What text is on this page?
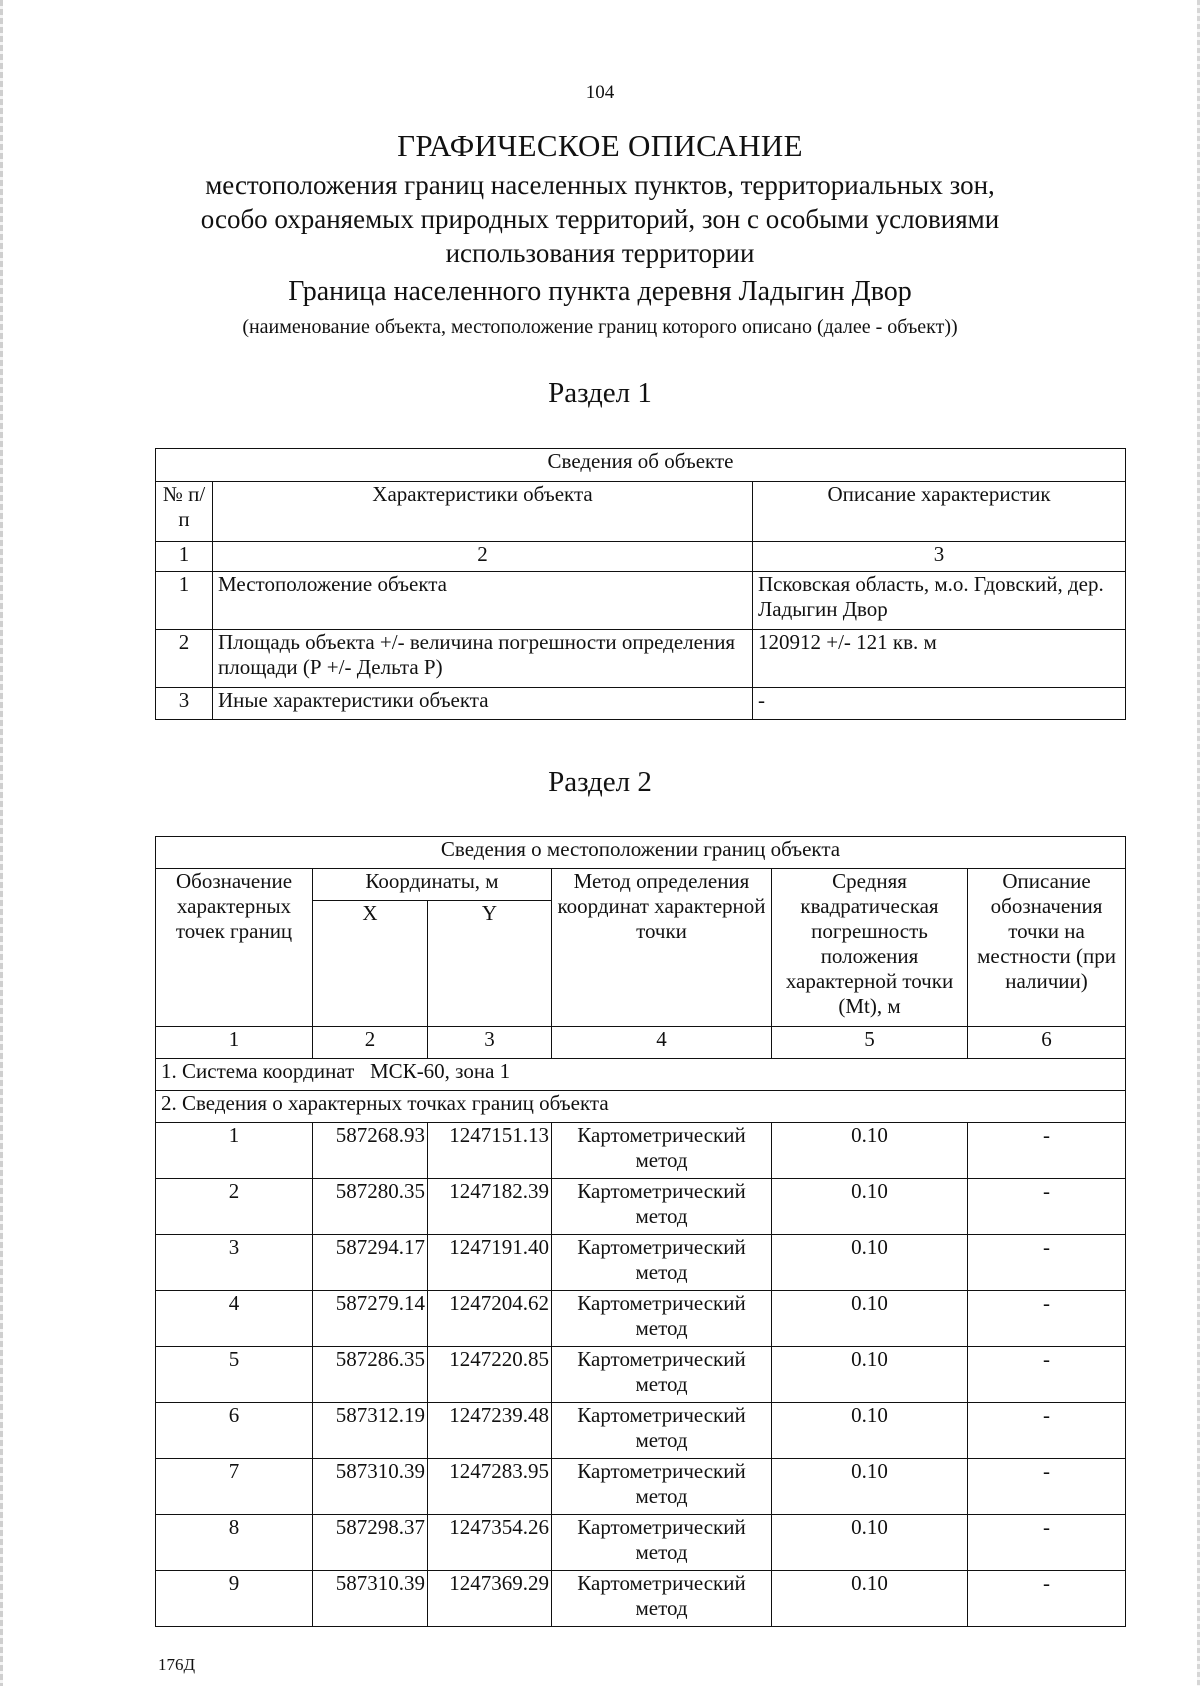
104
ГРАФИЧЕСКОЕ ОПИСАНИЕ
местоположения границ населенных пунктов, территориальных зон,
особо охраняемых природных территорий, зон с особыми условиями
использования территории
Граница населенного пункта деревня Ладыгин Двор
(наименование объекта, местоположение границ которого описано (далее - объект))
Раздел 1
Сведения об объекте		
№ п/п	Характеристики объекта	Описание характеристик
1	2	3
1	Местоположение объекта	Псковская область, м.о. Гдовский, дер. Ладыгин Двор
2	Площадь объекта +/- величина погрешности определения площади (Р +/- Дельта Р)	120912 +/- 121 кв. м
3	Иные характеристики объекта	-
Раздел 2
Сведения о местоположении границ объекта					
Обозначение характерных точек границ	Координаты, м		Метод определения координат характерной точки	Средняя квадратическая погрешность положения характерной точки (Mt), м	Описание обозначения точки на местности (при наличии)
	X	Y			
1	2	3	4	5	6
1. Система координат   МСК-60, зона 1					
2. Сведения о характерных точках границ объекта					
1	587268.93	1247151.13	Картометрический метод	0.10	-
2	587280.35	1247182.39	Картометрический метод	0.10	-
3	587294.17	1247191.40	Картометрический метод	0.10	-
4	587279.14	1247204.62	Картометрический метод	0.10	-
5	587286.35	1247220.85	Картометрический метод	0.10	-
6	587312.19	1247239.48	Картометрический метод	0.10	-
7	587310.39	1247283.95	Картометрический метод	0.10	-
8	587298.37	1247354.26	Картометрический метод	0.10	-
9	587310.39	1247369.29	Картометрический метод	0.10	-
176Д
